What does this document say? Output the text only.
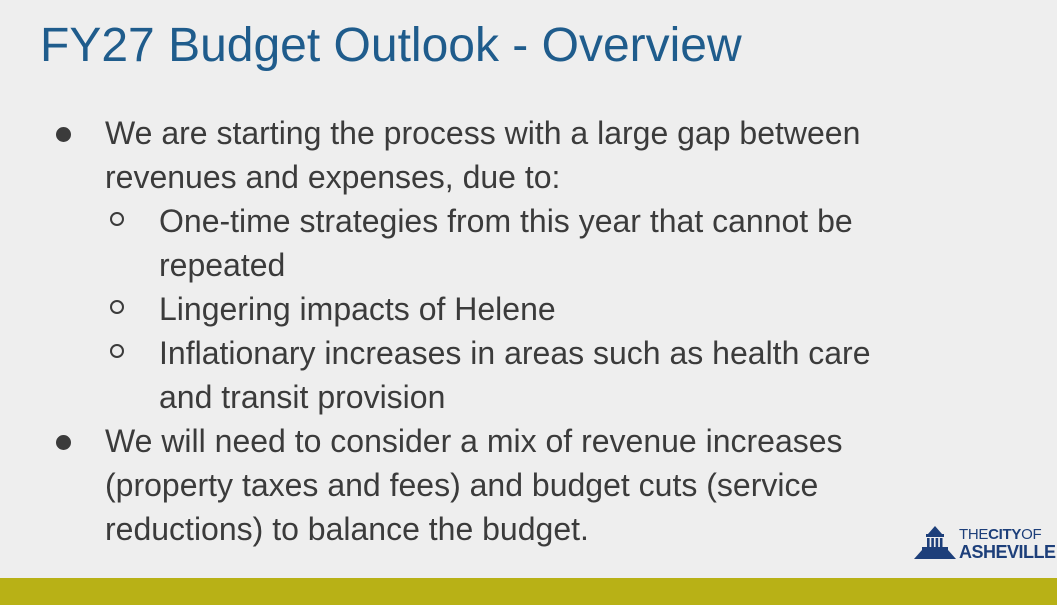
FY27 Budget Outlook - Overview
We are starting the process with a large gap between
revenues and expenses, due to:
One-time strategies from this year that cannot be
repeated
Lingering impacts of Helene
Inflationary increases in areas such as health care
and transit provision
We will need to consider a mix of revenue increases
(property taxes and fees) and budget cuts (service
reductions) to balance the budget.	THECITYOF
ASHEVILLE
